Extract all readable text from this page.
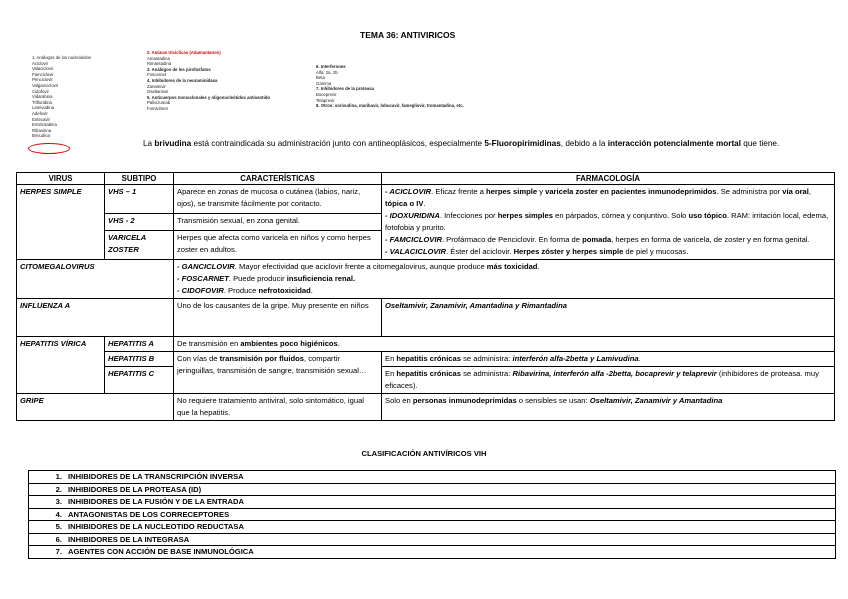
TEMA 36: ANTIVIRICOS
1. Análogos de los nucleósidos
Aciclovir
Valaciclovir
Famciclovir
Penciclovir
Valganciclovir
Cidofovir
Vidarabina
Trifluridina
Lamivudina
Adefovir
Entecavir
Emtricitabina
Ribavirina
Brivudina
2. Aminas tricíclicas (Adamantanos)
Amantadina
Rimantadina
3. Análogos de los pirofosfatos
Foscarnet
4. Inhibidores de la neuraminidasa
Zanamivir
Oseltamivir
5. Anticuerpos monoclonales y oligonucleótidos antisentido
Palivizumab
Fomivirsen
6. Interferones
Alfa: 2a, 2b
Beta
Gamma
7. Inhibidores de la proteasa
Boceprevir
Telaprevir
8. Otros: sorivudina, maribavir, lobucavir, famegliovir, tromantadina, etc.
La brivudina está contraindicada su administración junto con antineoplásicos, especialmente 5-Fluoropirimidinas, debido a la interacción potencialmente mortal que tiene.
VIRUS	SUBTIPO	CARACTERÍSTICAS	FARMACOLOGÍA
HERPES SIMPLE	VHS – 1	Aparece en zonas de mucosa o cutánea (labios, nariz, ojos), se transmite fácilmente por contacto.	- ACICLOVIR. Eficaz frente a herpes simple y varicela zoster en pacientes inmunodeprimidos. Se administra por vía oral, tópica o IV.
- IDOXURIDINA. Infecciones por herpes simples en párpados, córnea y conjuntivo. Solo uso tópico. RAM: irritación local, edema, fotofobia y prurito.
- FAMCICLOVIR. Profármaco de Penciclovir. En forma de pomada, herpes en forma de varicela, de zoster y en forma genital.
- VALACICLOVIR. Éster del aciclovir. Herpes zóster y herpes simple de piel y mucosas.

	VHS - 2	Transmisión sexual, en zona genital.	
	VARICELA ZOSTER	Herpes que afecta como varicela en niños y como herpes zoster en adultos.	
CITOMEGALOVIRUS		- GANCICLOVIR. Mayor efectividad que aciclovir frente a citomegalovirus, aunque produce más toxicidad.
- FOSCARNET. Puede producir insuficiencia renal.
- CIDOFOVIR. Produce nefrotoxicidad.	

INFLUENZA A		Uno de los causantes de la gripe. Muy presente en niños	Oseltamivir, Zanamivir, Amantadina y Rimantadina
HEPATITIS VÍRICA	HEPATITIS A	De transmisión en ambientes poco higiénicos.	
	HEPATITIS B	Con vías de transmisión por fluidos, compartir jeringuillas, transmisión de sangre, transmisión sexual…	En hepatitis crónicas se administra: interferón alfa-2betta y Lamivudina.
	HEPATITIS C		En hepatitis crónicas se administra: Ribavirina, interferón alfa -2betta, bocaprevir y telaprevir (inhibidores de proteasa. muy eficaces).
GRIPE		No requiere tratamiento antiviral, solo sintomático, igual que la hepatitis.	Solo en personas inmunodeprimidas o sensibles se usan: Oseltamivir, Zanamivir y Amantadina
CLASIFICACIÓN ANTIVÍRICOS VIH
1. INHIBIDORES DE LA TRANSCRIPCIÓN INVERSA
2. INHIBIDORES DE LA PROTEASA (ID)
3. INHIBIDORES DE LA FUSIÓN Y DE LA ENTRADA
4. ANTAGONISTAS DE LOS CORRECEPTORES
5. INHIBIDORES DE LA NUCLEOTIDO REDUCTASA
6. INHIBIDORES DE LA INTEGRASA
7. AGENTES CON ACCIÓN DE BASE INMUNOLÓGICA
